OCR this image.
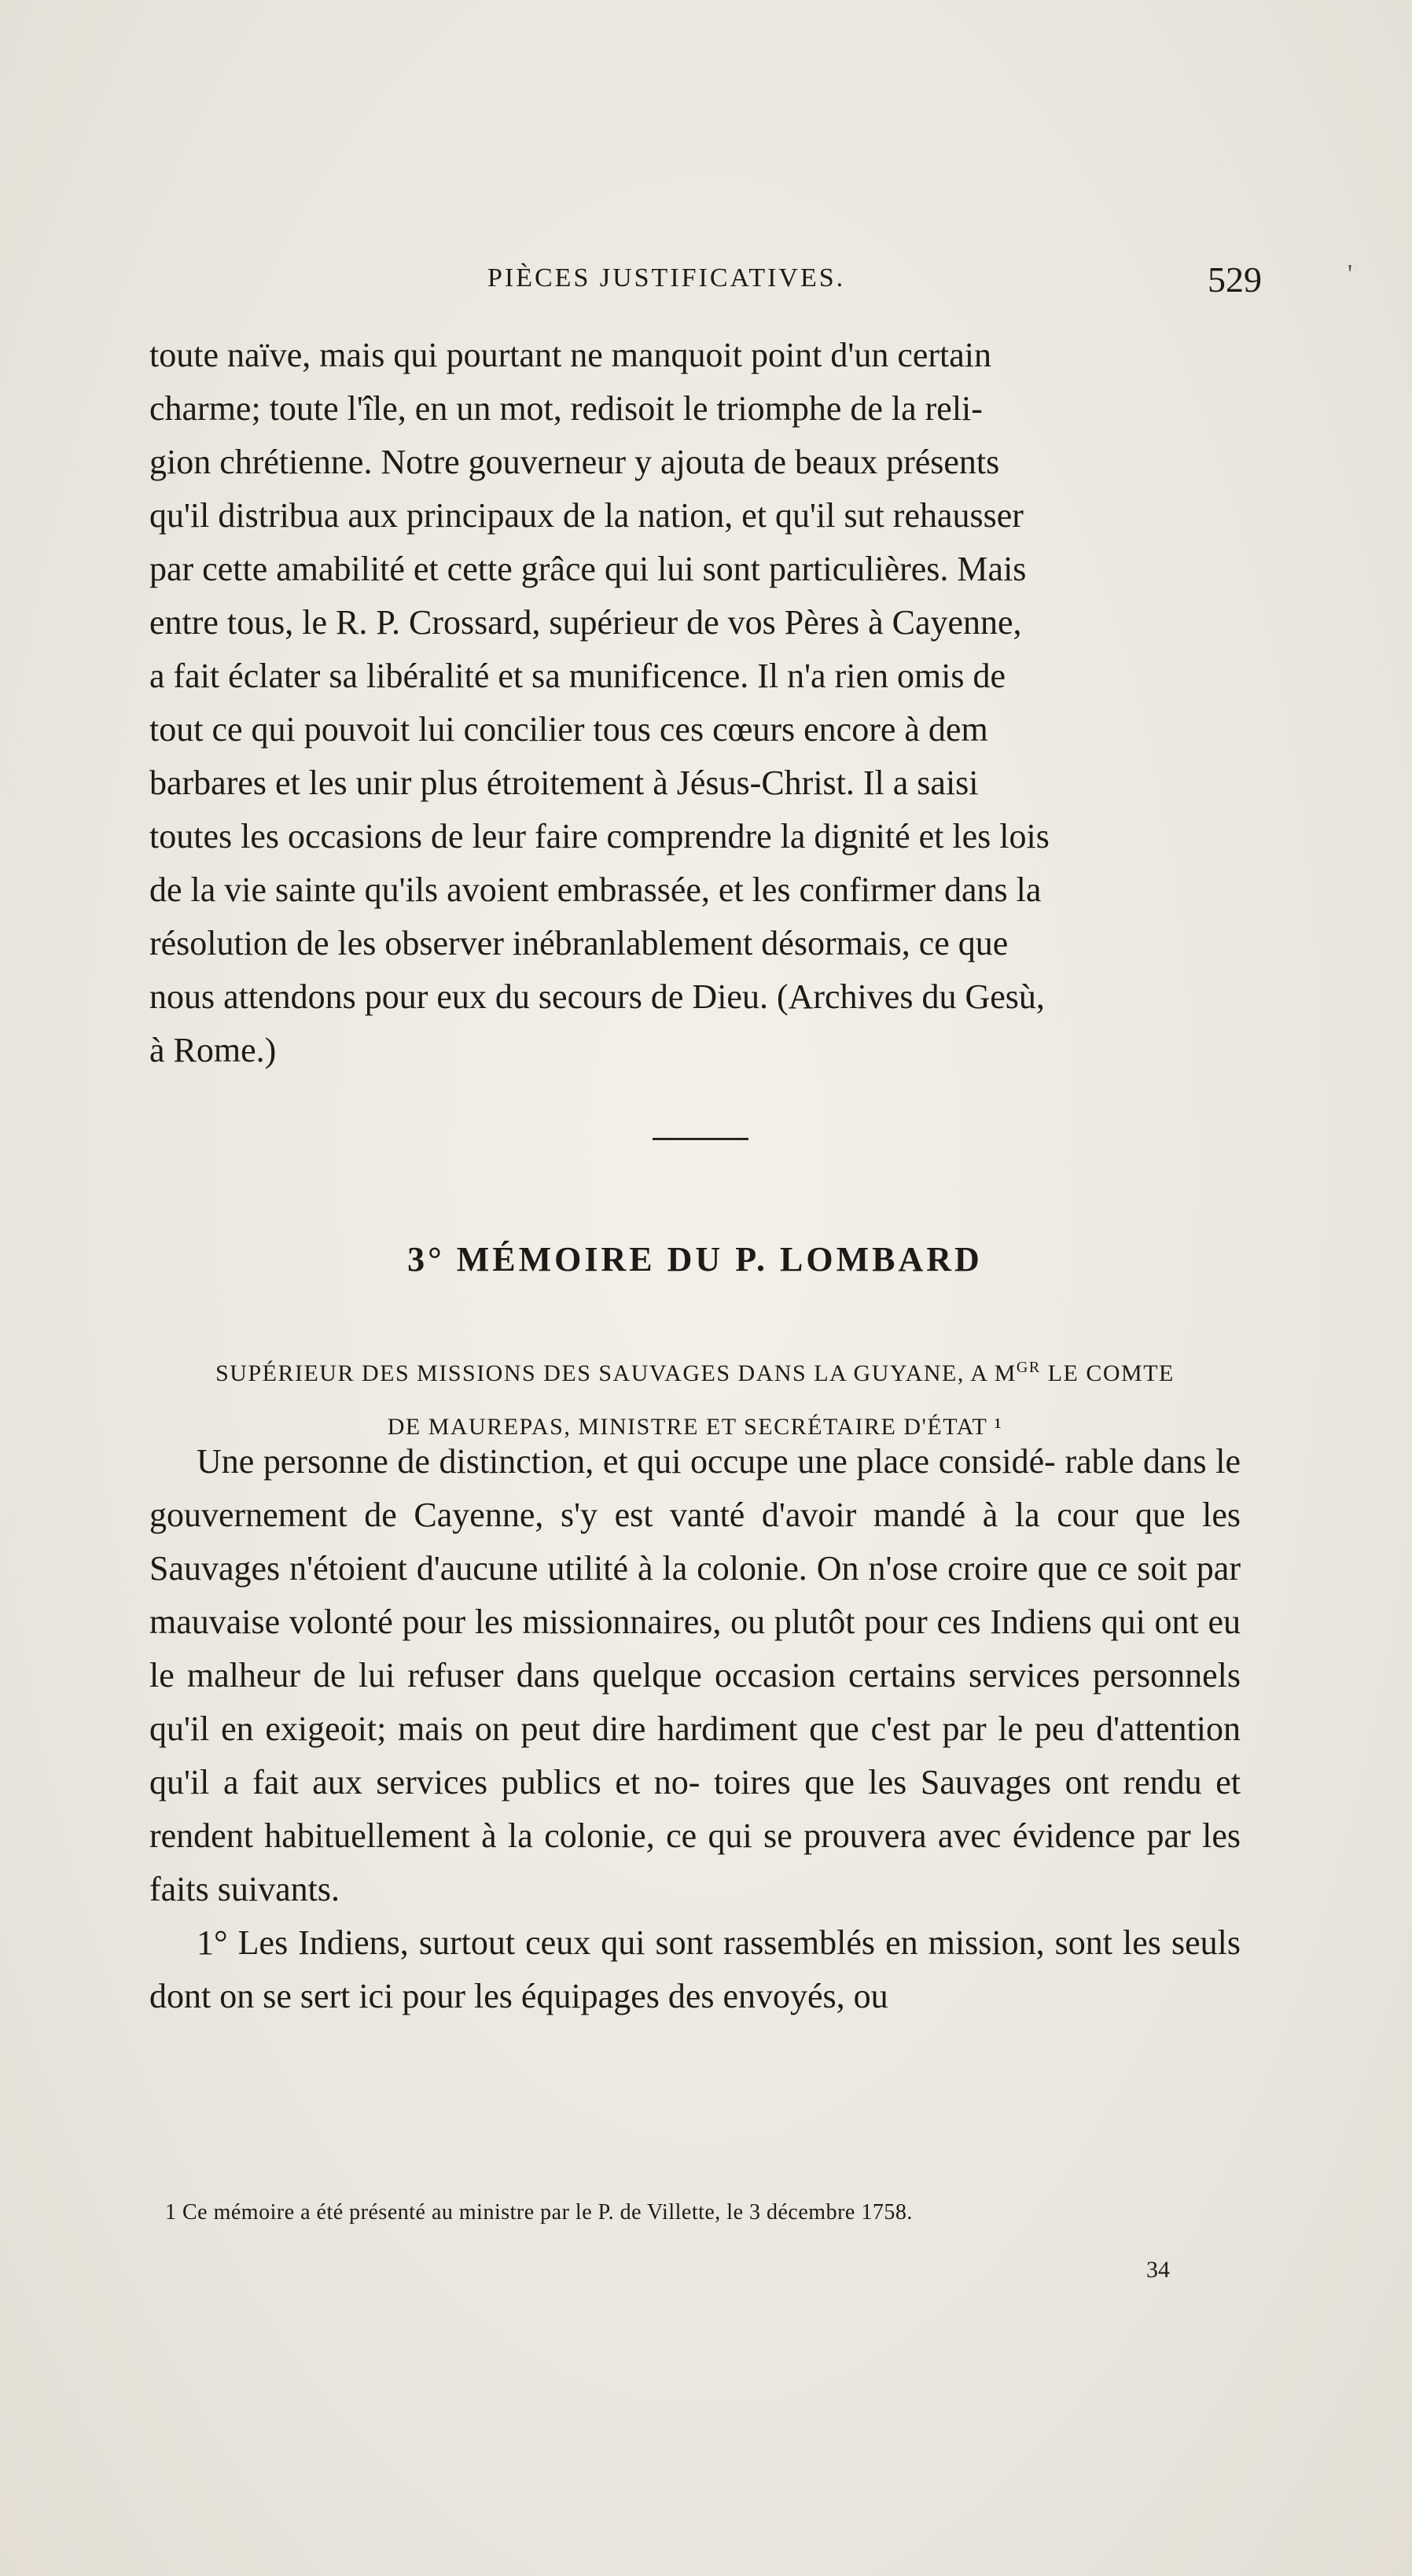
'
PIÈCES JUSTIFICATIVES.	529

toute naïve, mais qui pourtant ne manquoit point d'un certain

charme; toute l'île, en un mot, redisoit le triomphe de la reli-

gion chrétienne. Notre gouverneur y ajouta de beaux présents

qu'il distribua aux principaux de la nation, et qu'il sut rehausser

par cette amabilité et cette grâce qui lui sont particulières. Mais

entre tous, le R. P. Crossard, supérieur de vos Pères à Cayenne,

a fait éclater sa libéralité et sa munificence. Il n'a rien omis de

tout ce qui pouvoit lui concilier tous ces cœurs encore à dem

barbares et les unir plus étroitement à Jésus-Christ. Il a saisi

toutes les occasions de leur faire comprendre la dignité et les lois

de la vie sainte qu'ils avoient embrassée, et les confirmer dans la

résolution de les observer inébranlablement désormais, ce que

nous attendons pour eux du secours de Dieu. (Archives du Gesù,

à Rome.)

3° MÉMOIRE DU P. LOMBARD
SUPÉRIEUR DES MISSIONS DES SAUVAGES DANS LA GUYANE, A $M^{GR}$ LE COMTE
DE MAUREPAS, MINISTRE ET SECRÉTAIRE D'ÉTAT ¹

Une personne de distinction, et qui occupe une place considé- rable dans le gouvernement de Cayenne, s'y est vanté d'avoir mandé à la cour que les Sauvages n'étoient d'aucune utilité à la colonie. On n'ose croire que ce soit par mauvaise volonté pour les missionnaires, ou plutôt pour ces Indiens qui ont eu le malheur de lui refuser dans quelque occasion certains services personnels qu'il en exigeoit; mais on peut dire hardiment que c'est par le peu d'attention qu'il a fait aux services publics et no- toires que les Sauvages ont rendu et rendent habituellement à la colonie, ce qui se prouvera avec évidence par les faits suivants.

1° Les Indiens, surtout ceux qui sont rassemblés en mission, sont les seuls dont on se sert ici pour les équipages des envoyés, ou

1 Ce mémoire a été présenté au ministre par le P. de Villette, le 3 décembre 1758.
34
